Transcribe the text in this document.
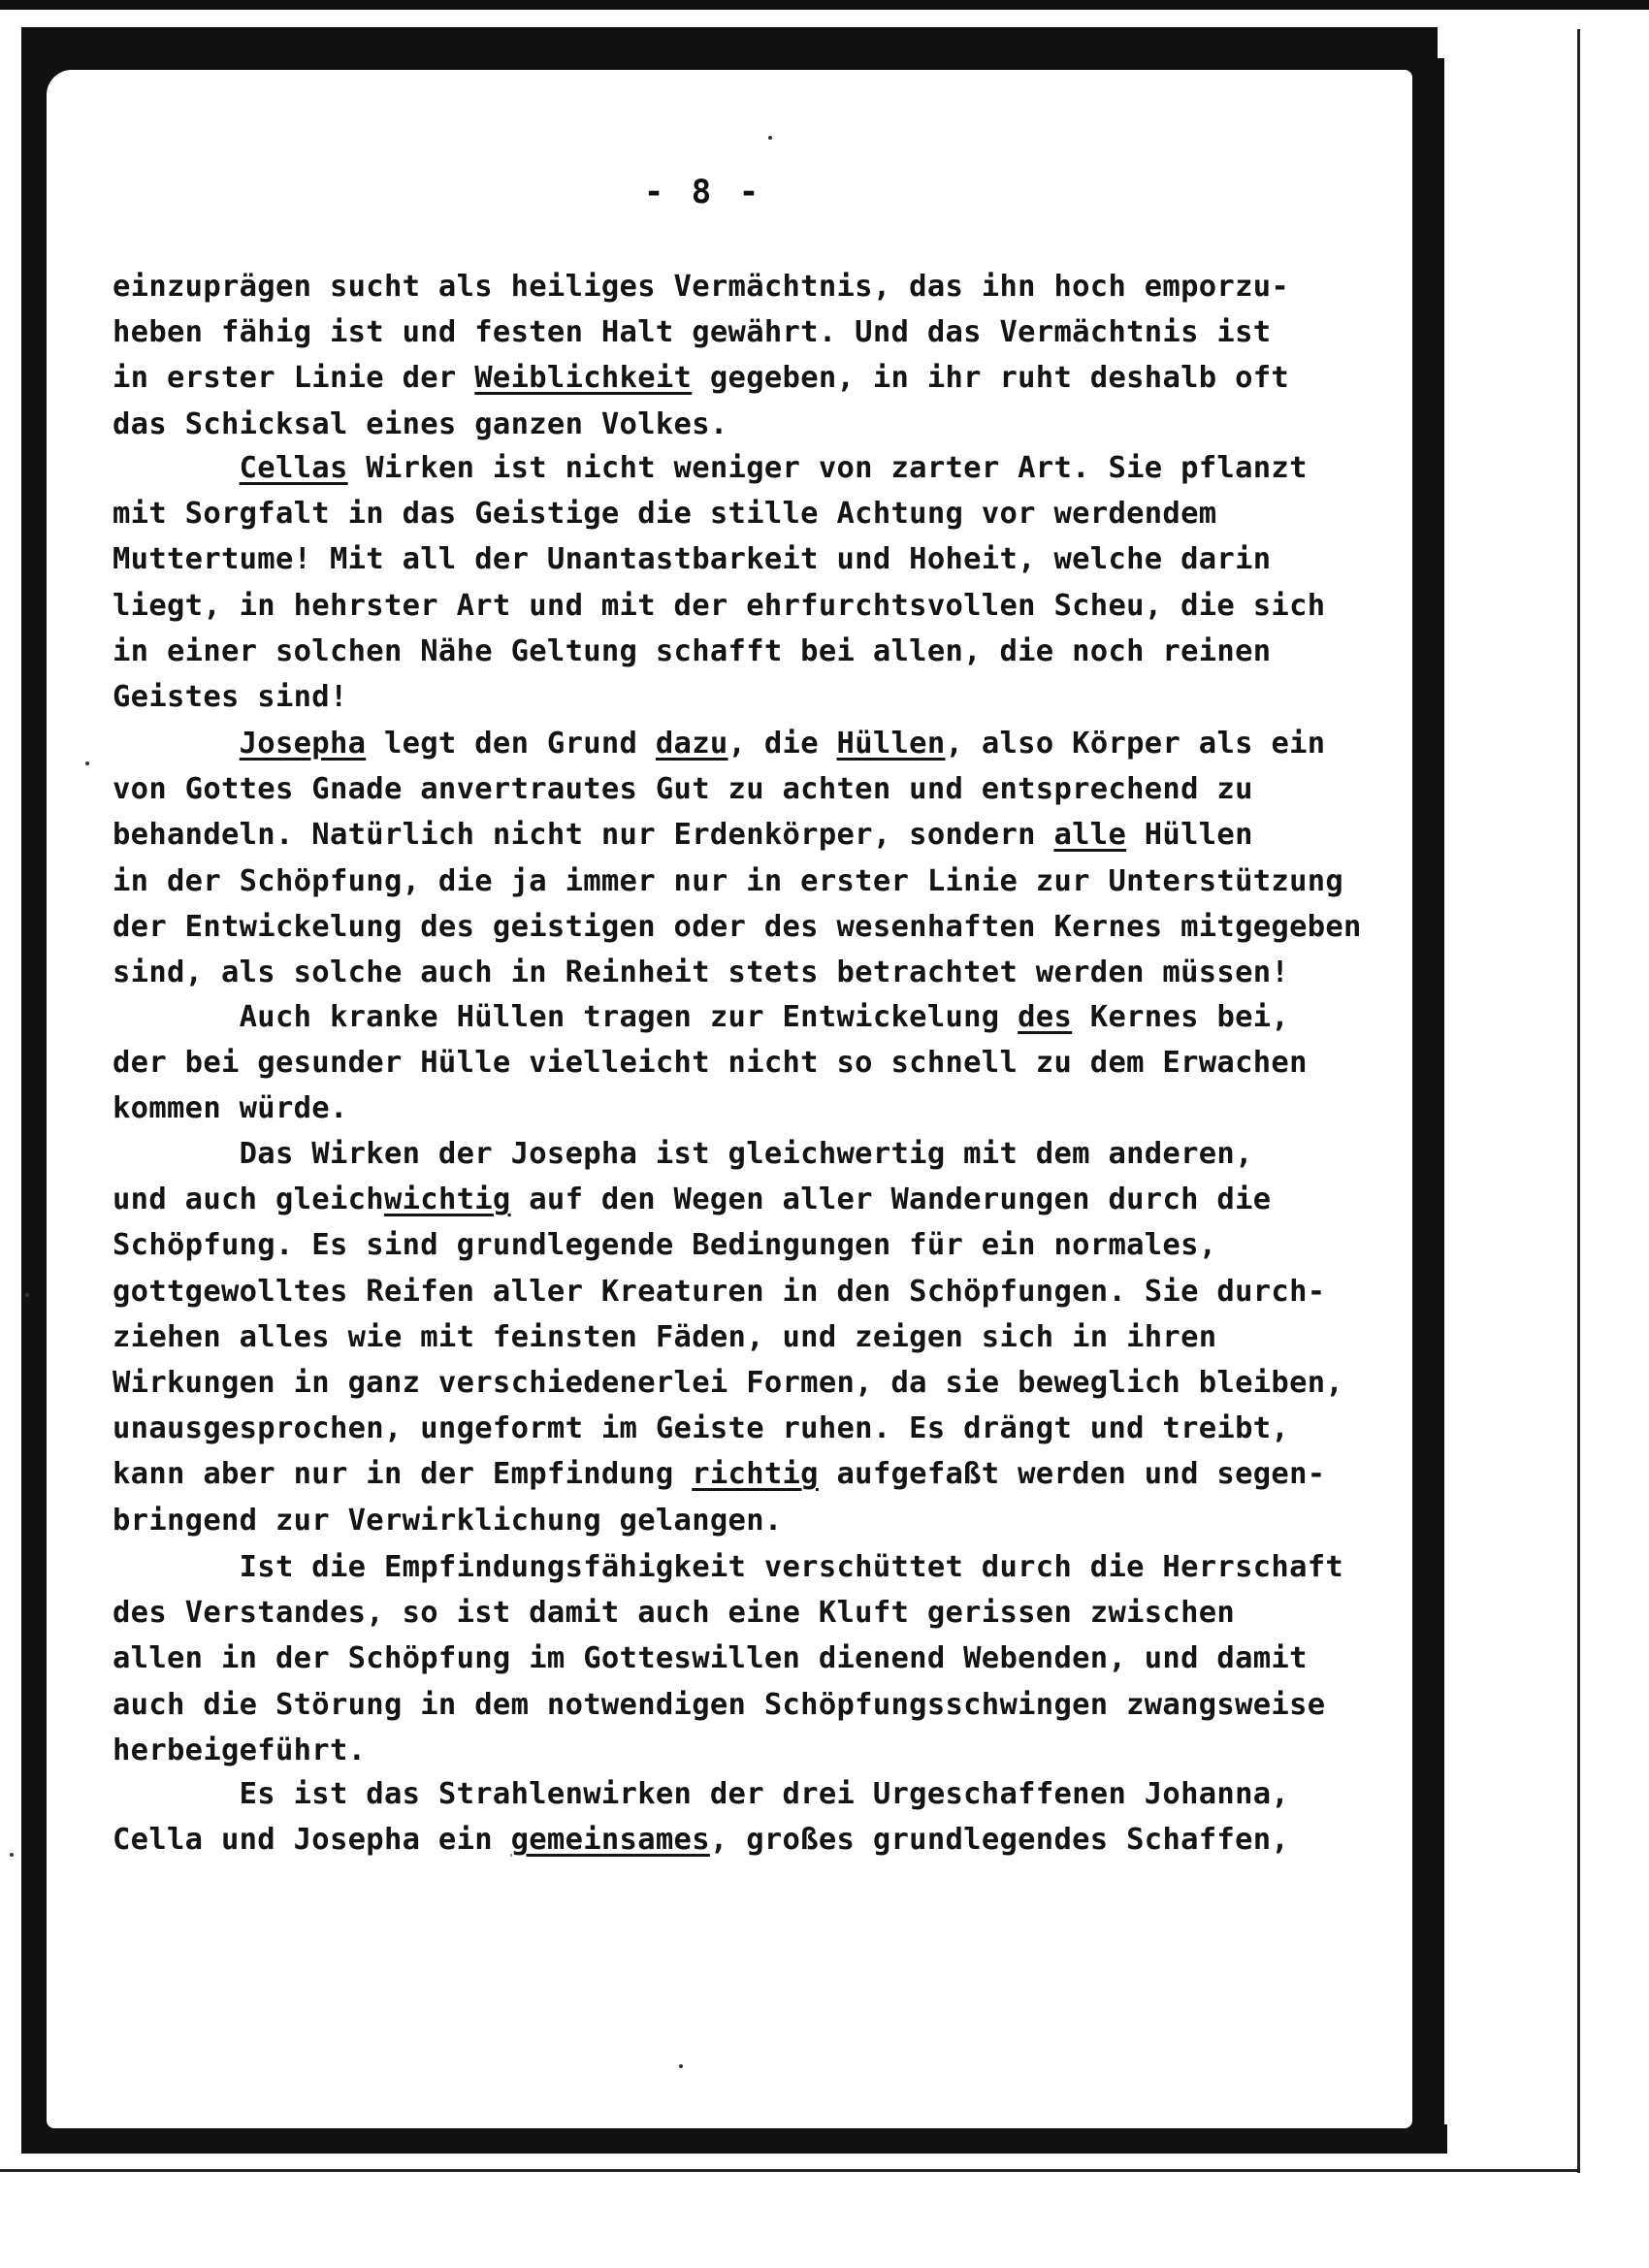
- 8 -
einzuprägen sucht als heiliges Vermächtnis, das ihn hoch emporzu-
heben fähig ist und festen Halt gewährt. Und das Vermächtnis ist
in erster Linie der Weiblichkeit gegeben, in ihr ruht deshalb oft
das Schicksal eines ganzen Volkes.
Cellas Wirken ist nicht weniger von zarter Art. Sie pflanzt
mit Sorgfalt in das Geistige die stille Achtung vor werdendem
Muttertume! Mit all der Unantastbarkeit und Hoheit, welche darin
liegt, in hehrster Art und mit der ehrfurchtsvollen Scheu, die sich
in einer solchen Nähe Geltung schafft bei allen, die noch reinen
Geistes sind!
Josepha legt den Grund dazu, die Hüllen, also Körper als ein
von Gottes Gnade anvertrautes Gut zu achten und entsprechend zu
behandeln. Natürlich nicht nur Erdenkörper, sondern alle Hüllen
in der Schöpfung, die ja immer nur in erster Linie zur Unterstützung
der Entwickelung des geistigen oder des wesenhaften Kernes mitgegeben
sind, als solche auch in Reinheit stets betrachtet werden müssen!
Auch kranke Hüllen tragen zur Entwickelung des Kernes bei,
der bei gesunder Hülle vielleicht nicht so schnell zu dem Erwachen
kommen würde.
Das Wirken der Josepha ist gleichwertig mit dem anderen,
und auch gleichwichtig auf den Wegen aller Wanderungen durch die
Schöpfung. Es sind grundlegende Bedingungen für ein normales,
gottgewolltes Reifen aller Kreaturen in den Schöpfungen. Sie durch-
ziehen alles wie mit feinsten Fäden, und zeigen sich in ihren
Wirkungen in ganz verschiedenerlei Formen, da sie beweglich bleiben,
unausgesprochen, ungeformt im Geiste ruhen. Es drängt und treibt,
kann aber nur in der Empfindung richtig aufgefaßt werden und segen-
bringend zur Verwirklichung gelangen.
Ist die Empfindungsfähigkeit verschüttet durch die Herrschaft
des Verstandes, so ist damit auch eine Kluft gerissen zwischen
allen in der Schöpfung im Gotteswillen dienend Webenden, und damit
auch die Störung in dem notwendigen Schöpfungsschwingen zwangsweise
herbeigeführt.
Es ist das Strahlenwirken der drei Urgeschaffenen Johanna,
Cella und Josepha ein gemeinsames, großes grundlegendes Schaffen,
